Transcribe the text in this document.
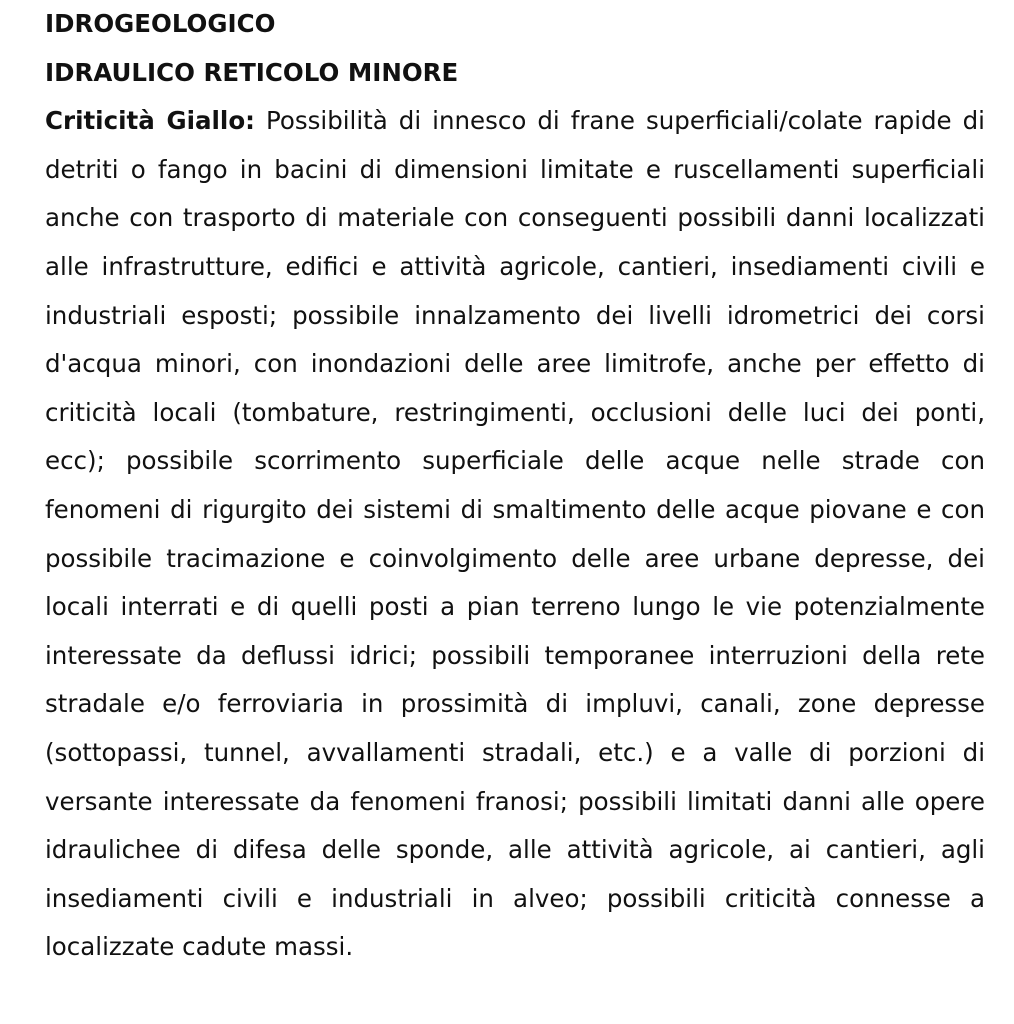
IDROGEOLOGICO
IDRAULICO RETICOLO MINORE

Criticità Giallo: Possibilità di innesco di frane superficiali/colate rapide di detriti o fango in bacini di dimensioni limitate e ruscellamenti superficiali anche con trasporto di materiale con conseguenti possibili danni localizzati alle infrastrutture, edifici e attività agricole, cantieri, insediamenti civili e industriali esposti; possibile innalzamento dei livelli idrometrici dei corsi d'acqua minori, con inondazioni delle aree limitrofe, anche per effetto di criticità locali (tombature, restringimenti, occlusioni delle luci dei ponti, ecc); possibile scorrimento superficiale delle acque nelle strade con fenomeni di rigurgito dei sistemi di smaltimento delle acque piovane e con possibile tracimazione e coinvolgimento delle aree urbane depresse, dei locali interrati e di quelli posti a pian terreno lungo le vie potenzialmente interessate da deflussi idrici; possibili temporanee interruzioni della rete stradale e/o ferroviaria in prossimità di impluvi, canali, zone depresse (sottopassi, tunnel, avvallamenti stradali, etc.) e a valle di porzioni di versante interessate da fenomeni franosi; possibili limitati danni alle opere idraulichee di difesa delle sponde, alle attività agricole, ai cantieri, agli insediamenti civili e industriali in alveo; possibili criticità connesse a localizzate cadute massi.
